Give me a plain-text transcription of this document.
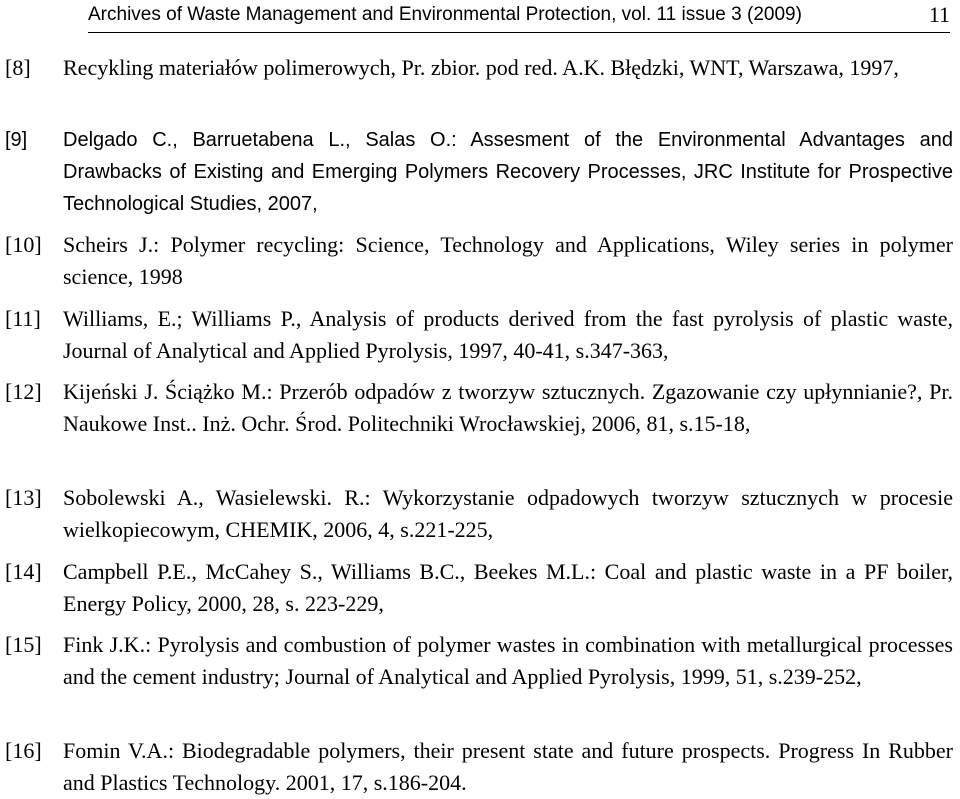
Archives of Waste Management and Environmental Protection, vol. 11 issue 3 (2009)	11
[8] Recykling materiałów polimerowych, Pr. zbior. pod red. A.K. Błędzki, WNT, Warszawa, 1997,
[9] Delgado C., Barruetabena L., Salas O.: Assesment of the Environmental Advantages and Drawbacks of Existing and Emerging Polymers Recovery Processes, JRC Institute for Prospective Technological Studies, 2007,
[10] Scheirs J.: Polymer recycling: Science, Technology and Applications, Wiley series in polymer science, 1998
[11] Williams, E.; Williams P., Analysis of products derived from the fast pyrolysis of plastic waste, Journal of Analytical and Applied Pyrolysis, 1997, 40-41, s.347-363,
[12] Kijeński J. Ściążko M.: Przerób odpadów z tworzyw sztucznych. Zgazowanie czy upłynnianie?, Pr. Naukowe Inst.. Inż. Ochr. Środ. Politechniki Wrocławskiej, 2006, 81, s.15-18,
[13] Sobolewski A., Wasielewski. R.: Wykorzystanie odpadowych tworzyw sztucznych w procesie wielkopiecowym, CHEMIK, 2006, 4, s.221-225,
[14] Campbell P.E., McCahey S., Williams B.C., Beekes M.L.: Coal and plastic waste in a PF boiler, Energy Policy, 2000, 28, s. 223-229,
[15] Fink J.K.: Pyrolysis and combustion of polymer wastes in combination with metallurgical processes and the cement industry; Journal of Analytical and Applied Pyrolysis, 1999, 51, s.239-252,
[16] Fomin V.A.: Biodegradable polymers, their present state and future prospects. Progress In Rubber and Plastics Technology. 2001, 17, s.186-204.
